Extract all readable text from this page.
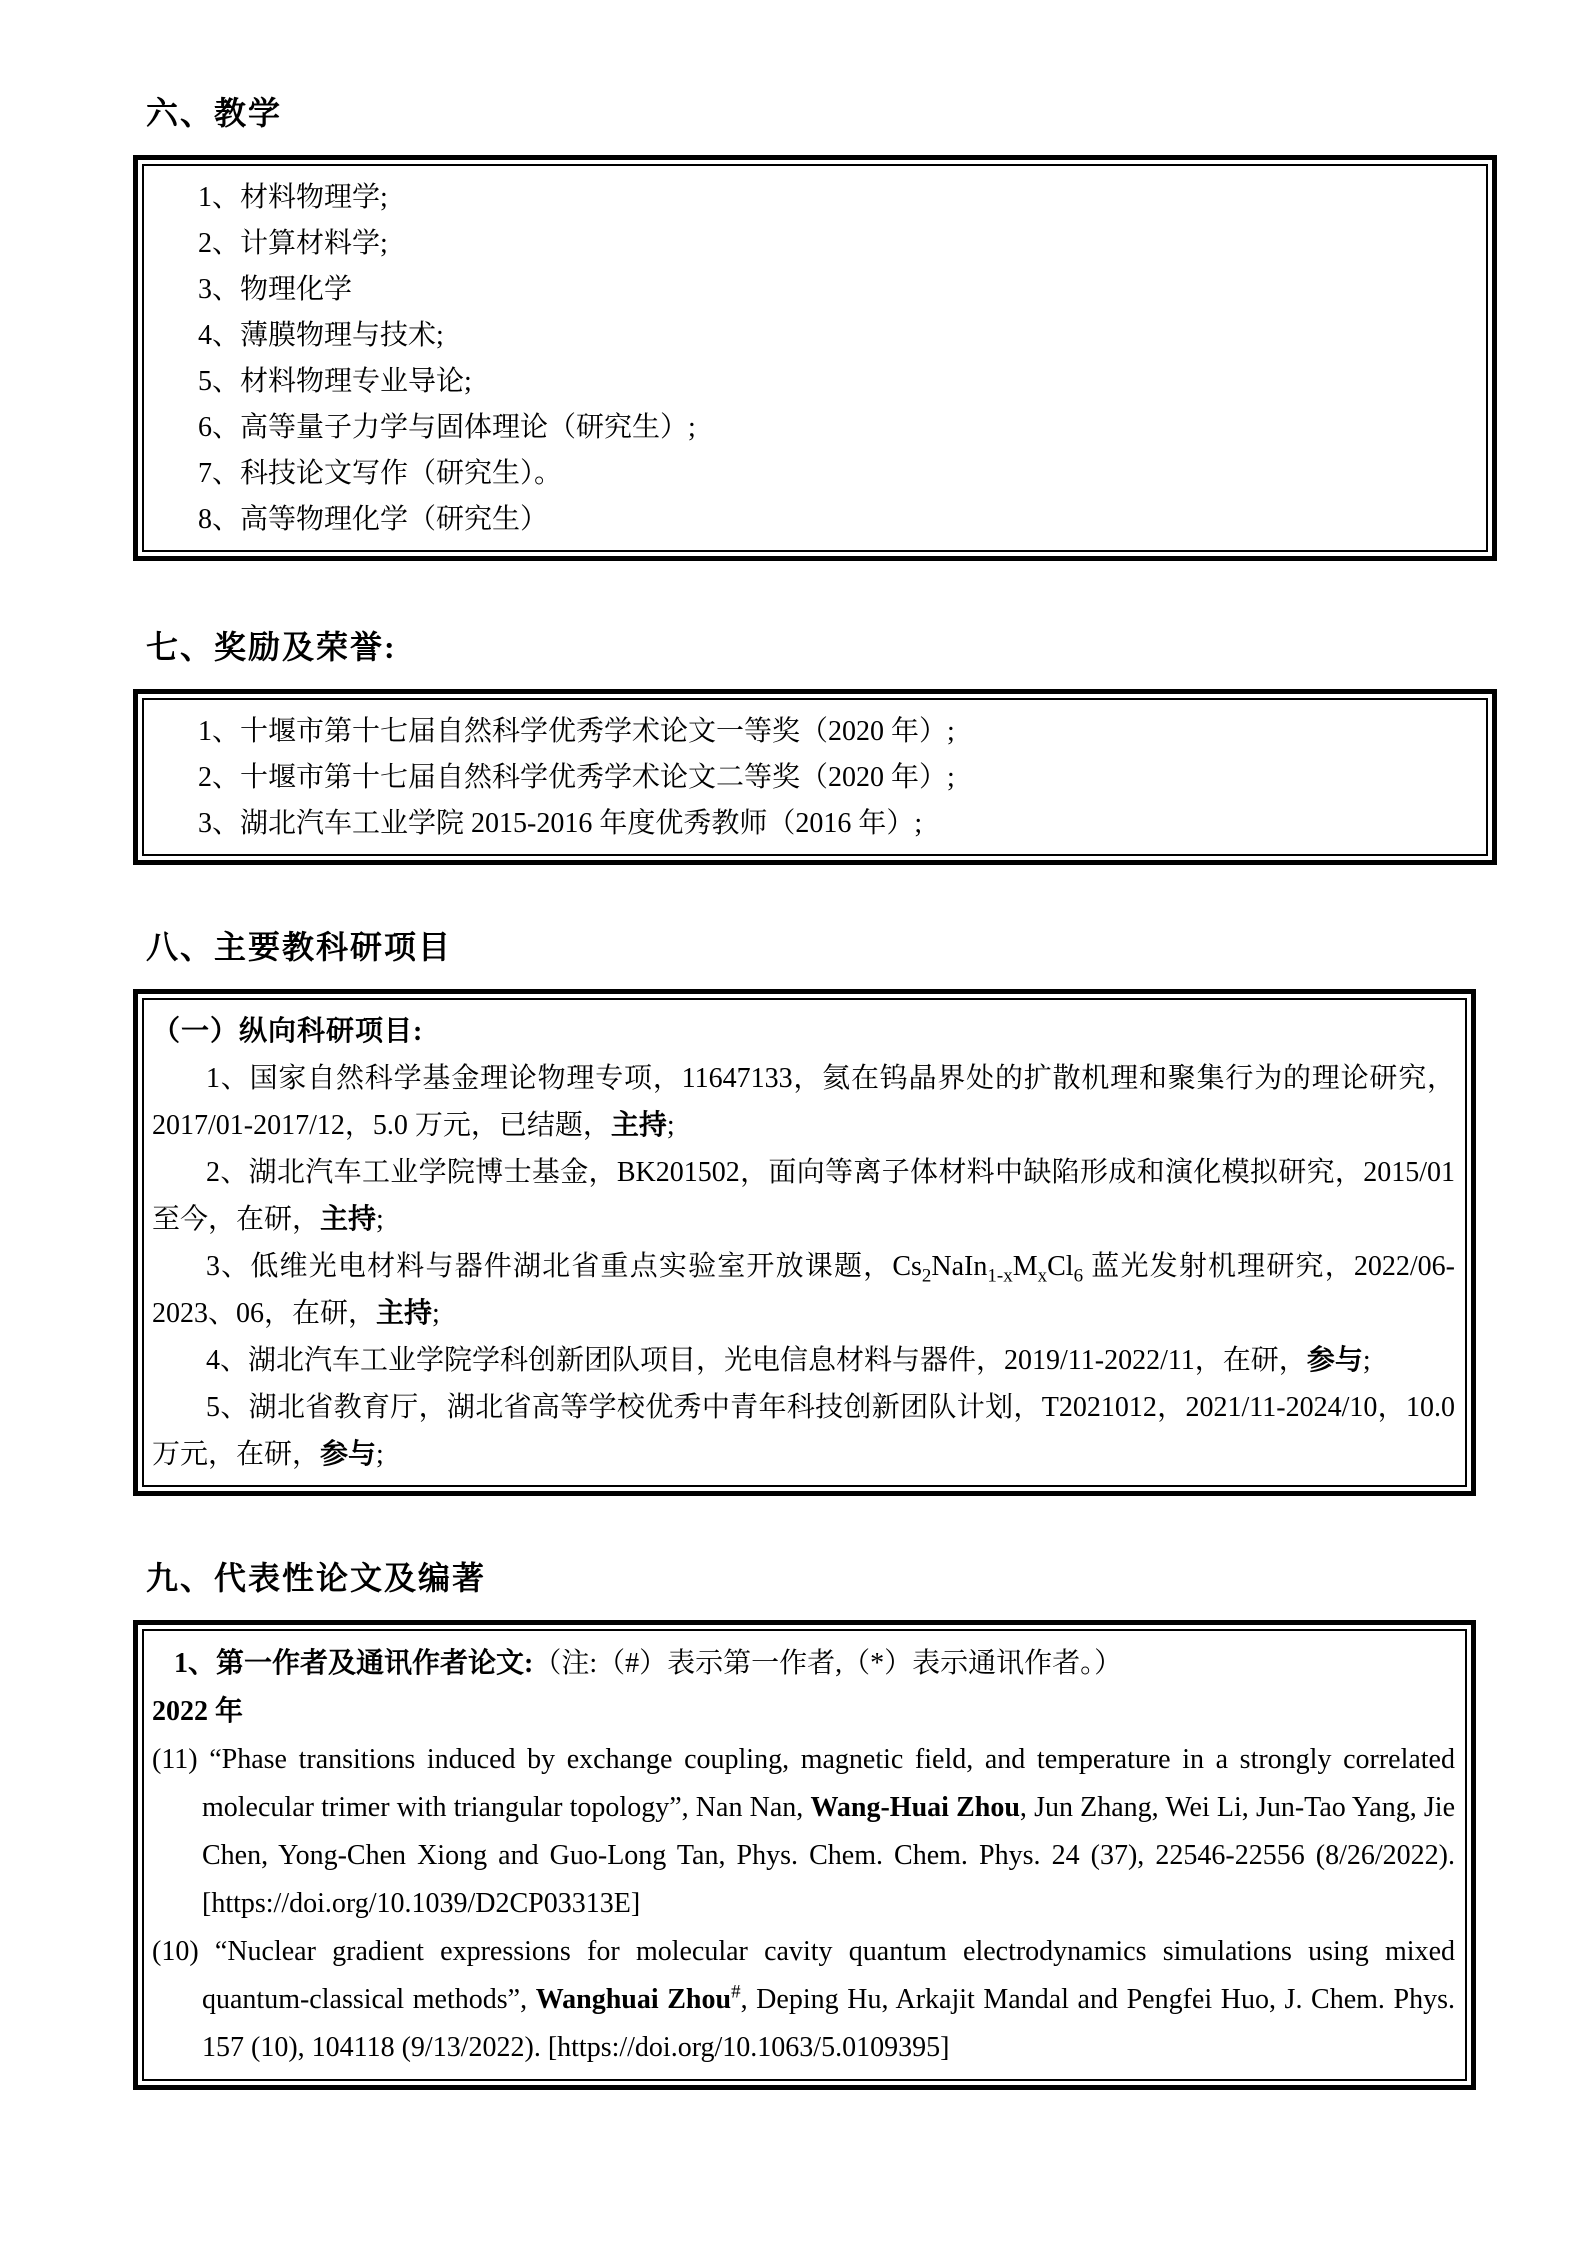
六、教学
1、材料物理学;
2、计算材料学;
3、物理化学
4、薄膜物理与技术;
5、材料物理专业导论;
6、高等量子力学与固体理论（研究生）;
7、科技论文写作（研究生）。
8、高等物理化学（研究生）
七、奖励及荣誉:
1、十堰市第十七届自然科学优秀学术论文一等奖（2020 年）;
2、十堰市第十七届自然科学优秀学术论文二等奖（2020 年）;
3、湖北汽车工业学院 2015-2016 年度优秀教师（2016 年）;
八、主要教科研项目
（一）纵向科研项目:

1、国家自然科学基金理论物理专项，11647133，氦在钨晶界处的扩散机理和聚集行为的理论研究，2017/01-2017/12，5.0 万元，已结题，主持;

2、湖北汽车工业学院博士基金，BK201502，面向等离子体材料中缺陷形成和演化模拟研究，2015/01 至今，在研，主持;

3、低维光电材料与器件湖北省重点实验室开放课题，$Cs_2NaIn_{1-x}M_xCl_6$ 蓝光发射机理研究，2022/06-2023、06，在研，主持;

4、湖北汽车工业学院学科创新团队项目，光电信息材料与器件，2019/11-2022/11，在研，参与;

5、湖北省教育厅，湖北省高等学校优秀中青年科技创新团队计划，T2021012，2021/11-2024/10，10.0 万元，在研，参与;

九、代表性论文及编著

1、第一作者及通讯作者论文:（注:（#）表示第一作者,（*）表示通讯作者。）

2022 年

(11) “Phase transitions induced by exchange coupling, magnetic field, and temperature in a strongly correlated molecular trimer with triangular topology”, Nan Nan, Wang-Huai Zhou, Jun Zhang, Wei Li, Jun-Tao Yang, Jie Chen, Yong-Chen Xiong and Guo-Long Tan, Phys. Chem. Chem. Phys. 24 (37), 22546-22556 (8/26/2022). [https://doi.org/10.1039/D2CP03313E]

(10) “Nuclear gradient expressions for molecular cavity quantum electrodynamics simulations using mixed quantum-classical methods”, Wanghuai Zhou#, Deping Hu, Arkajit Mandal and Pengfei Huo, J. Chem. Phys. 157 (10), 104118 (9/13/2022). [https://doi.org/10.1063/5.0109395]
